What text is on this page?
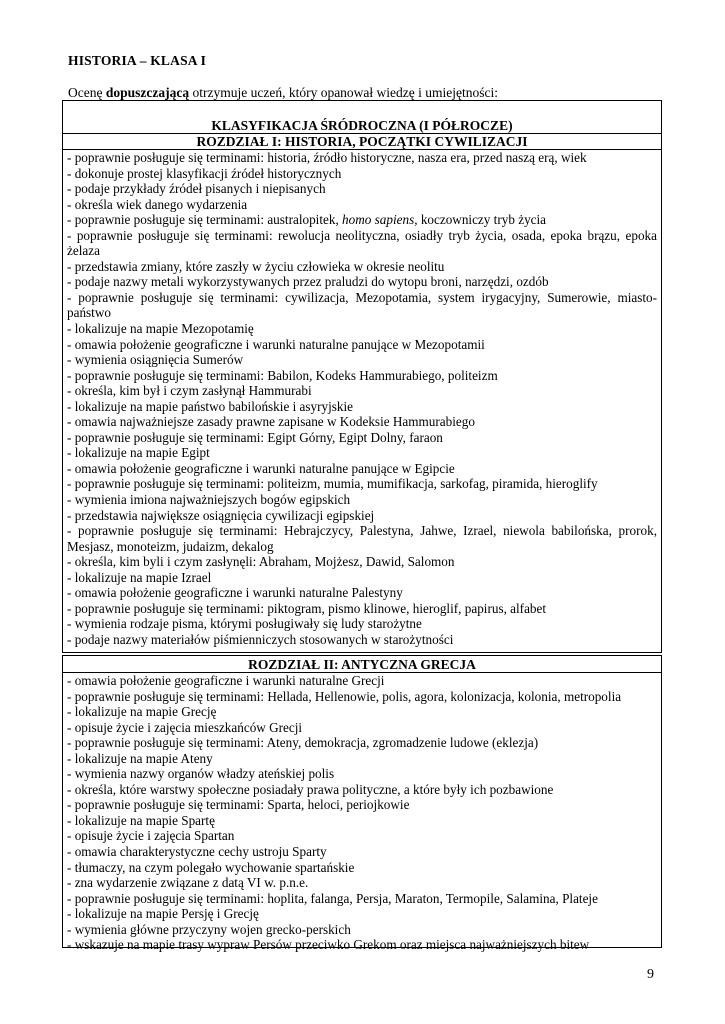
HISTORIA – KLASA I
Ocenę dopuszczającą otrzymuje uczeń, który opanował wiedzę i umiejętności:
KLASYFIKACJA ŚRÓDROCZNA (I PÓŁROCZE)
ROZDZIAŁ I: HISTORIA, POCZĄTKI CYWILIZACJI
- poprawnie posługuje się terminami: historia, źródło historyczne, nasza era, przed naszą erą, wiek
- dokonuje prostej klasyfikacji źródeł historycznych
- podaje przykłady źródeł pisanych i niepisanych
- określa wiek danego wydarzenia
- poprawnie posługuje się terminami: australopitek, homo sapiens, koczowniczy tryb życia
- poprawnie posługuje się terminami: rewolucja neolityczna, osiadły tryb życia, osada, epoka brązu, epoka
żelaza
- przedstawia zmiany, które zaszły w życiu człowieka w okresie neolitu
- podaje nazwy metali wykorzystywanych przez praludzi do wytopu broni, narzędzi, ozdób
- poprawnie posługuje się terminami: cywilizacja, Mezopotamia, system irygacyjny, Sumerowie, miasto-
państwo
- lokalizuje na mapie Mezopotamię
- omawia położenie geograficzne i warunki naturalne panujące w Mezopotamii
- wymienia osiągnięcia Sumerów
- poprawnie posługuje się terminami: Babilon, Kodeks Hammurabiego, politeizm
- określa, kim był i czym zasłynął Hammurabi
- lokalizuje na mapie państwo babilońskie i asyryjskie
- omawia najważniejsze zasady prawne zapisane w Kodeksie Hammurabiego
- poprawnie posługuje się terminami: Egipt Górny, Egipt Dolny, faraon
- lokalizuje na mapie Egipt
- omawia położenie geograficzne i warunki naturalne panujące w Egipcie
- poprawnie posługuje się terminami: politeizm, mumia, mumifikacja, sarkofag, piramida, hieroglify
- wymienia imiona najważniejszych bogów egipskich
- przedstawia największe osiągnięcia cywilizacji egipskiej
- poprawnie posługuje się terminami: Hebrajczycy, Palestyna, Jahwe, Izrael, niewola babilońska, prorok,
Mesjasz, monoteizm, judaizm, dekalog
- określa, kim byli i czym zasłynęli: Abraham, Mojżesz, Dawid, Salomon
- lokalizuje na mapie Izrael
- omawia położenie geograficzne i warunki naturalne Palestyny
- poprawnie posługuje się terminami: piktogram, pismo klinowe, hieroglif, papirus, alfabet
- wymienia rodzaje pisma, którymi posługiwały się ludy starożytne
- podaje nazwy materiałów piśmienniczych stosowanych w starożytności
ROZDZIAŁ II: ANTYCZNA GRECJA
- omawia położenie geograficzne i warunki naturalne Grecji
- poprawnie posługuje się terminami: Hellada, Hellenowie, polis, agora, kolonizacja, kolonia, metropolia
- lokalizuje na mapie Grecję
- opisuje życie i zajęcia mieszkańców Grecji
- poprawnie posługuje się terminami: Ateny, demokracja, zgromadzenie ludowe (eklezja)
- lokalizuje na mapie Ateny
- wymienia nazwy organów władzy ateńskiej polis
- określa, które warstwy społeczne posiadały prawa polityczne, a które były ich pozbawione
- poprawnie posługuje się terminami: Sparta, heloci, periojkowie
- lokalizuje na mapie Spartę
- opisuje życie i zajęcia Spartan
- omawia charakterystyczne cechy ustroju Sparty
- tłumaczy, na czym polegało wychowanie spartańskie
- zna wydarzenie związane z datą VI w. p.n.e.
- poprawnie posługuje się terminami: hoplita, falanga, Persja, Maraton, Termopile, Salamina, Plateje
- lokalizuje na mapie Persję i Grecję
- wymienia główne przyczyny wojen grecko-perskich
- wskazuje na mapie trasy wypraw Persów przeciwko Grekom oraz miejsca najważniejszych bitew
9
